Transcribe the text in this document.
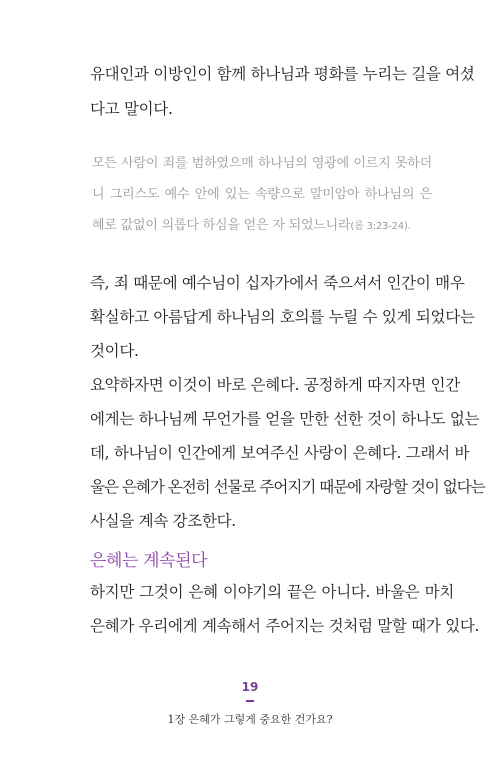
유대인과 이방인이 함께 하나님과 평화를 누리는 길을 여셨
다고 말이다.
모든 사람이 죄를 범하였으매 하나님의 영광에 이르지 못하더
니 그리스도 예수 안에 있는 속량으로 말미암아 하나님의 은
혜로 값없이 의롭다 하심을 얻은 자 되었느니라(롬 3:23-24).
즉, 죄 때문에 예수님이 십자가에서 죽으셔서 인간이 매우
확실하고 아름답게 하나님의 호의를 누릴 수 있게 되었다는
것이다.
요약하자면 이것이 바로 은혜다. 공정하게 따지자면 인간
에게는 하나님께 무언가를 얻을 만한 선한 것이 하나도 없는
데, 하나님이 인간에게 보여주신 사랑이 은혜다. 그래서 바
울은 은혜가 온전히 선물로 주어지기 때문에 자랑할 것이 없다는
사실을 계속 강조한다.
은혜는 계속된다
하지만 그것이 은혜 이야기의 끝은 아니다. 바울은 마치
은혜가 우리에게 계속해서 주어지는 것처럼 말할 때가 있다.
19
1장 은혜가 그렇게 중요한 건가요?
